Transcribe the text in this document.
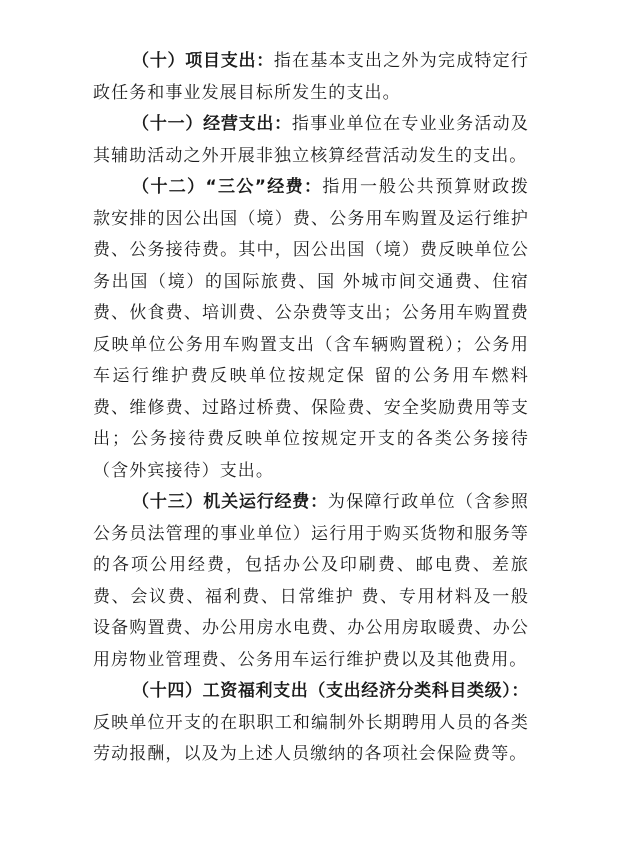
（十）项目支出：指在基本支出之外为完成特定行政任务和事业发展目标所发生的支出。

（十一）经营支出：指事业单位在专业业务活动及其辅助活动之外开展非独立核算经营活动发生的支出。

（十二）“三公”经费：指用一般公共预算财政拨款安排的因公出国（境）费、公务用车购置及运行维护费、公务接待费。其中，因公出国（境）费反映单位公务出国（境）的国际旅费、国 外城市间交通费、住宿费、伙食费、培训费、公杂费等支出；公务用车购置费反映单位公务用车购置支出（含车辆购置税）；公务用车运行维护费反映单位按规定保 留的公务用车燃料费、维修费、过路过桥费、保险费、安全奖励费用等支出；公务接待费反映单位按规定开支的各类公务接待（含外宾接待）支出。

（十三）机关运行经费：为保障行政单位（含参照公务员法管理的事业单位）运行用于购买货物和服务等的各项公用经费，包括办公及印刷费、邮电费、差旅费、会议费、福利费、日常维护 费、专用材料及一般设备购置费、办公用房水电费、办公用房取暖费、办公用房物业管理费、公务用车运行维护费以及其他费用。

（十四）工资福利支出（支出经济分类科目类级）：反映单位开支的在职职工和编制外长期聘用人员的各类劳动报酬，以及为上述人员缴纳的各项社会保险费等。
